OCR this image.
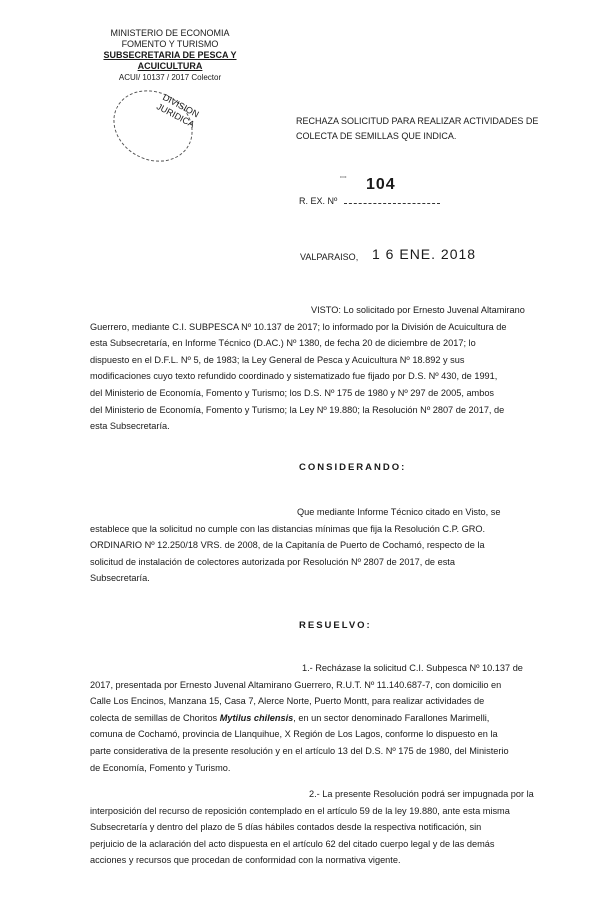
MINISTERIO DE ECONOMIA
FOMENTO Y TURISMO
SUBSECRETARIA DE PESCA Y ACUICULTURA
ACUI/ 10137 / 2017 Colector
DIVISION JURIDICA	RECHAZA SOLICITUD PARA REALIZAR ACTIVIDADES DE
COLECTA DE SEMILLAS QUE INDICA.
ꟷ 104
R. EX. Nº
VALPARAISO, 1 6 ENE. 2018
VISTO: Lo solicitado por Ernesto Juvenal Altamirano
Guerrero, mediante C.I. SUBPESCA Nº 10.137 de 2017; lo informado por la División de Acuicultura de
esta Subsecretaría, en Informe Técnico (D.AC.) Nº 1380, de fecha 20 de diciembre de 2017; lo
dispuesto en el D.F.L. Nº 5, de 1983; la Ley General de Pesca y Acuicultura Nº 18.892 y sus
modificaciones cuyo texto refundido coordinado y sistematizado fue fijado por D.S. Nº 430, de 1991,
del Ministerio de Economía, Fomento y Turismo; los D.S. Nº 175 de 1980 y Nº 297 de 2005, ambos
del Ministerio de Economía, Fomento y Turismo; la Ley Nº 19.880; la Resolución Nº 2807 de 2017, de
esta Subsecretaría.
CONSIDERANDO:
Que mediante Informe Técnico citado en Visto, se
establece que la solicitud no cumple con las distancias mínimas que fija la Resolución C.P. GRO.
ORDINARIO Nº 12.250/18 VRS. de 2008, de la Capitanía de Puerto de Cochamó, respecto de la
solicitud de instalación de colectores autorizada por Resolución Nº 2807 de 2017, de esta
Subsecretaría.
RESUELVO:
1.- Recházase la solicitud C.I. Subpesca Nº 10.137 de
2017, presentada por Ernesto Juvenal Altamirano Guerrero, R.U.T. Nº 11.140.687-7, con domicilio en
Calle Los Encinos, Manzana 15, Casa 7, Alerce Norte, Puerto Montt, para realizar actividades de
colecta de semillas de Choritos Mytilus chilensis, en un sector denominado Farallones Marimelli,
comuna de Cochamó, provincia de Llanquihue, X Región de Los Lagos, conforme lo dispuesto en la
parte considerativa de la presente resolución y en el artículo 13 del D.S. Nº 175 de 1980, del Ministerio
de Economía, Fomento y Turismo.
2.- La presente Resolución podrá ser impugnada por la
interposición del recurso de reposición contemplado en el artículo 59 de la ley 19.880, ante esta misma
Subsecretaría y dentro del plazo de 5 días hábiles contados desde la respectiva notificación, sin
perjuicio de la aclaración del acto dispuesta en el artículo 62 del citado cuerpo legal y de las demás
acciones y recursos que procedan de conformidad con la normativa vigente.
